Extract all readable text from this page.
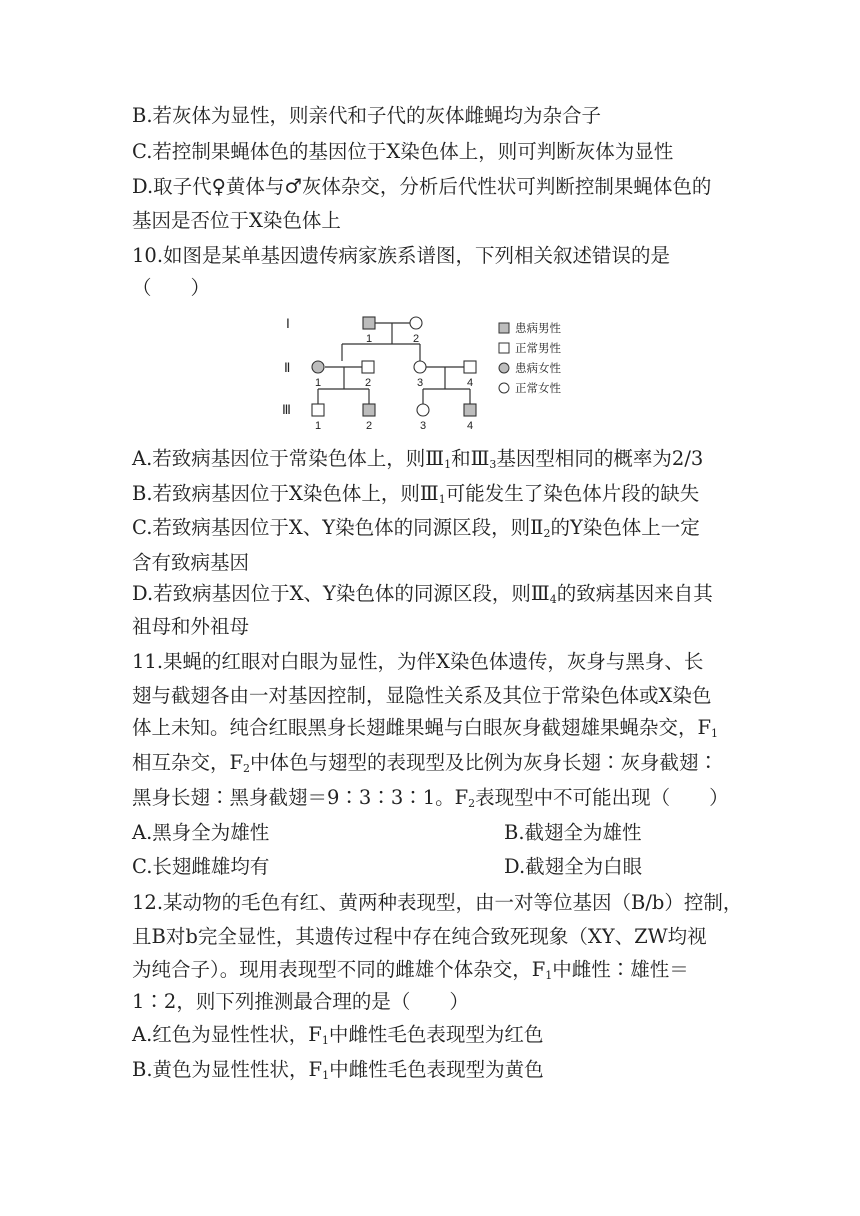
B.若灰体为显性，则亲代和子代的灰体雌蝇均为杂合子
C.若控制果蝇体色的基因位于X染色体上，则可判断灰体为显性
D.取子代♀黄体与♂灰体杂交，分析后代性状可判断控制果蝇体色的
基因是否位于X染色体上
10.如图是某单基因遗传病家族系谱图，下列相关叙述错误的是
（　　）
Ⅰ
Ⅱ
Ⅲ
1	2
1	2	3	4
1	2	3	4
患病男性
正常男性
患病女性
正常女性
A.若致病基因位于常染色体上，则$Ⅲ_1$和$Ⅲ_3$基因型相同的概率为2/3
B.若致病基因位于X染色体上，则$Ⅲ_1$可能发生了染色体片段的缺失
C.若致病基因位于X、Y染色体的同源区段，则$Ⅱ_2$的Y染色体上一定
含有致病基因
D.若致病基因位于X、Y染色体的同源区段，则$Ⅲ_4$的致病基因来自其
祖母和外祖母
11.果蝇的红眼对白眼为显性，为伴X染色体遗传，灰身与黑身、长
翅与截翅各由一对基因控制，显隐性关系及其位于常染色体或X染色
体上未知。纯合红眼黑身长翅雌果蝇与白眼灰身截翅雄果蝇杂交，$F_1$
相互杂交，$F_2$中体色与翅型的表现型及比例为灰身长翅∶灰身截翅∶
黑身长翅∶黑身截翅＝9∶3∶3∶1。$F_2$表现型中不可能出现（　　）
A.黑身全为雄性	B.截翅全为雄性
C.长翅雌雄均有	D.截翅全为白眼
12.某动物的毛色有红、黄两种表现型，由一对等位基因（B/b）控制，
且B对b完全显性，其遗传过程中存在纯合致死现象（XY、ZW均视
为纯合子）。现用表现型不同的雌雄个体杂交，$F_1$中雌性∶雄性＝
1∶2，则下列推测最合理的是（　　）
A.红色为显性性状，$F_1$中雌性毛色表现型为红色
B.黄色为显性性状，$F_1$中雌性毛色表现型为黄色
